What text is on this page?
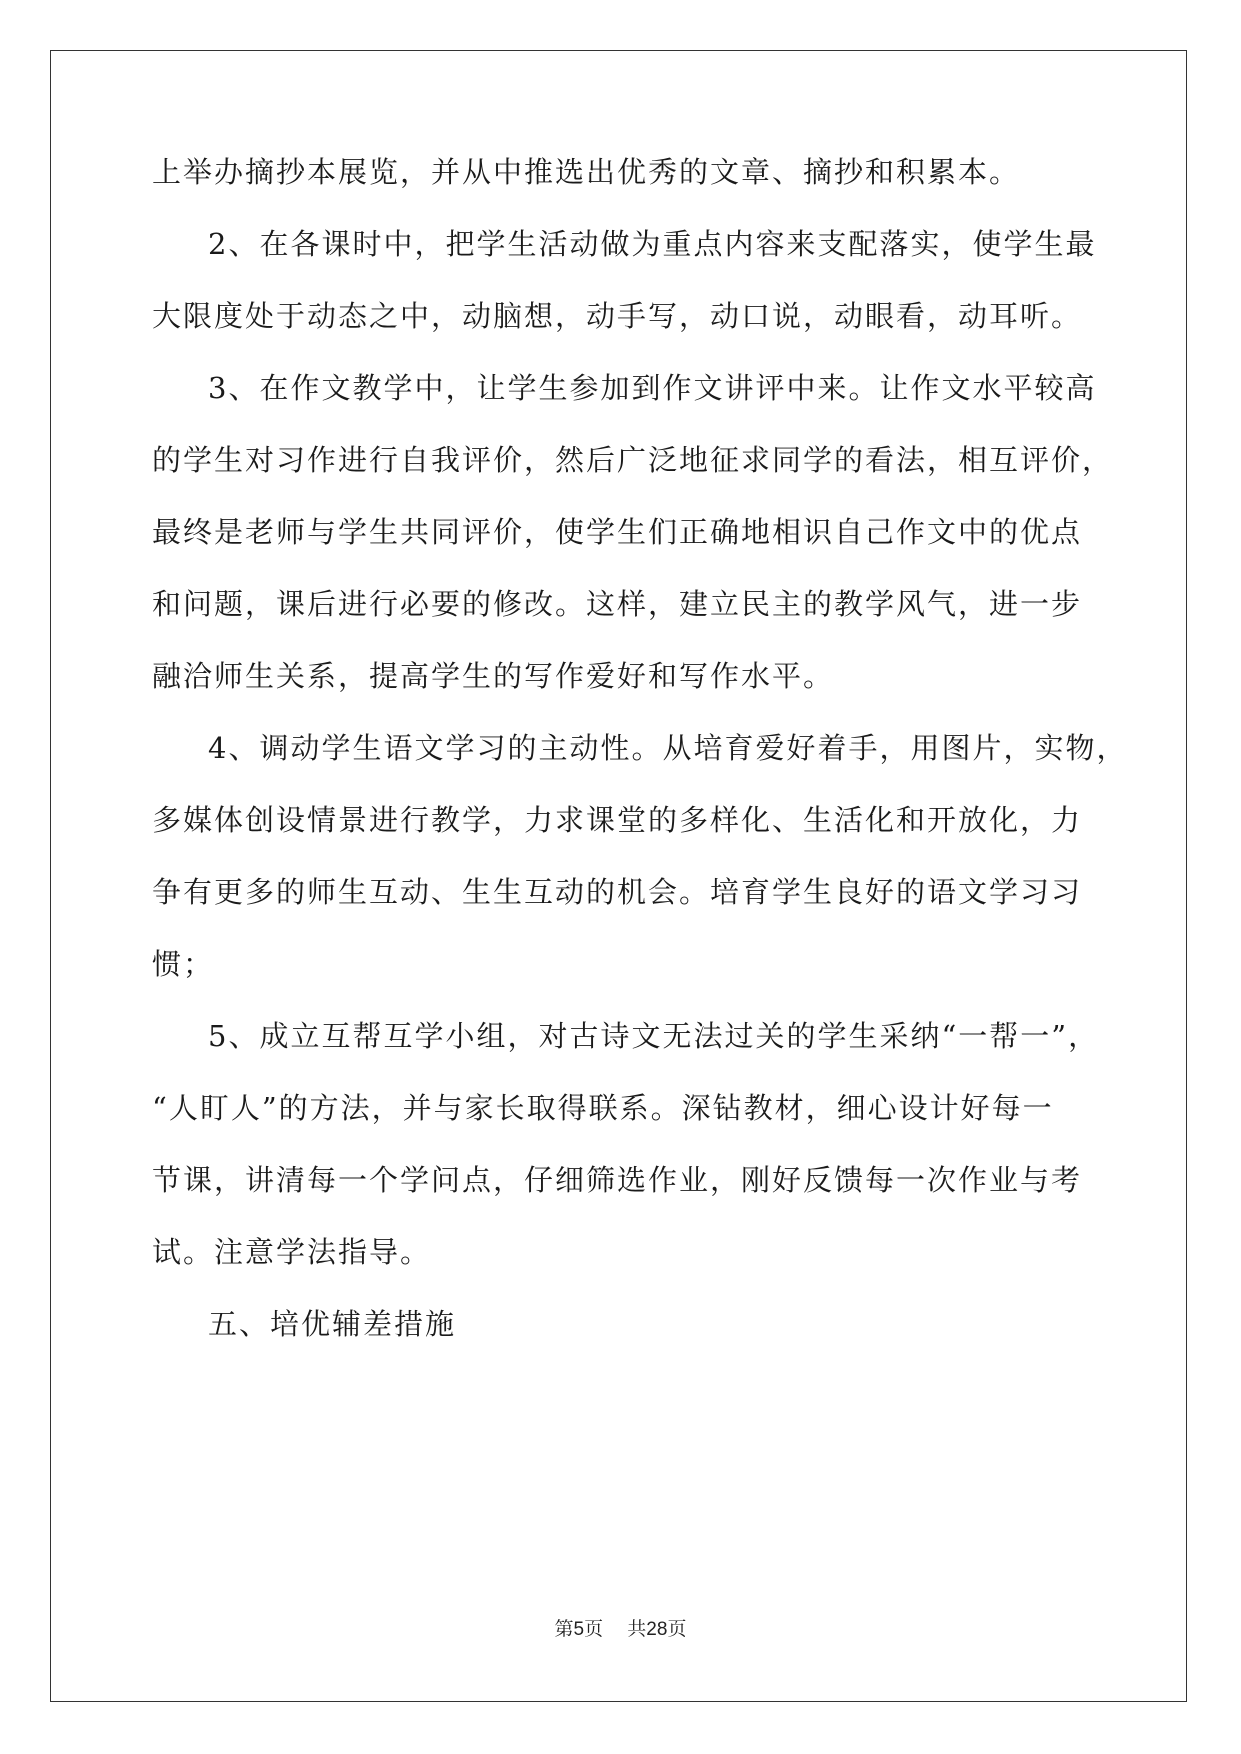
上举办摘抄本展览，并从中推选出优秀的文章、摘抄和积累本。
2、在各课时中，把学生活动做为重点内容来支配落实，使学生最
大限度处于动态之中，动脑想，动手写，动口说，动眼看，动耳听。
3、在作文教学中，让学生参加到作文讲评中来。让作文水平较高
的学生对习作进行自我评价，然后广泛地征求同学的看法，相互评价，
最终是老师与学生共同评价，使学生们正确地相识自己作文中的优点
和问题，课后进行必要的修改。这样，建立民主的教学风气，进一步
融洽师生关系，提高学生的写作爱好和写作水平。
4、调动学生语文学习的主动性。从培育爱好着手，用图片，实物，
多媒体创设情景进行教学，力求课堂的多样化、生活化和开放化，力
争有更多的师生互动、生生互动的机会。培育学生良好的语文学习习
惯；
5、成立互帮互学小组，对古诗文无法过关的学生采纳“一帮一”，
“人盯人”的方法，并与家长取得联系。深钻教材，细心设计好每一
节课，讲清每一个学问点，仔细筛选作业，刚好反馈每一次作业与考
试。注意学法指导。
五、培优辅差措施
第5页    共28页
